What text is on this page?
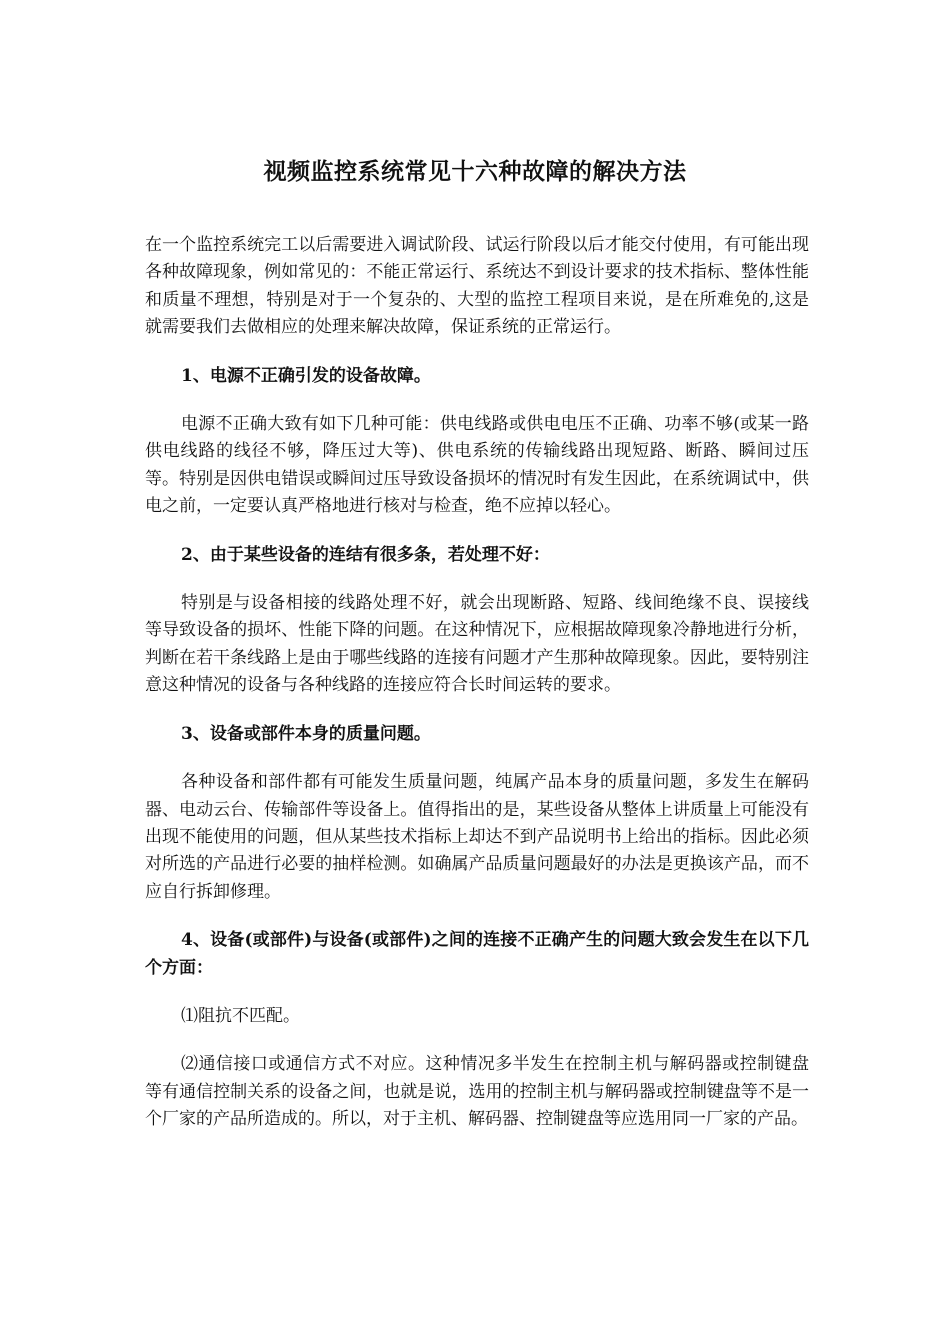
视频监控系统常见十六种故障的解决方法

在一个监控系统完工以后需要进入调试阶段、试运行阶段以后才能交付使用，有可能出现各种故障现象，例如常见的：不能正常运行、系统达不到设计要求的技术指标、整体性能和质量不理想，特别是对于一个复杂的、大型的监控工程项目来说，是在所难免的,这是就需要我们去做相应的处理来解决故障，保证系统的正常运行。

1、电源不正确引发的设备故障。

电源不正确大致有如下几种可能：供电线路或供电电压不正确、功率不够(或某一路供电线路的线径不够，降压过大等)、供电系统的传输线路出现短路、断路、瞬间过压等。特别是因供电错误或瞬间过压导致设备损坏的情况时有发生因此，在系统调试中，供电之前，一定要认真严格地进行核对与检查，绝不应掉以轻心。

2、由于某些设备的连结有很多条，若处理不好：

特别是与设备相接的线路处理不好，就会出现断路、短路、线间绝缘不良、误接线等导致设备的损坏、性能下降的问题。在这种情况下，应根据故障现象冷静地进行分析，判断在若干条线路上是由于哪些线路的连接有问题才产生那种故障现象。因此，要特别注意这种情况的设备与各种线路的连接应符合长时间运转的要求。

3、设备或部件本身的质量问题。

各种设备和部件都有可能发生质量问题，纯属产品本身的质量问题，多发生在解码器、电动云台、传输部件等设备上。值得指出的是，某些设备从整体上讲质量上可能没有出现不能使用的问题，但从某些技术指标上却达不到产品说明书上给出的指标。因此必须对所选的产品进行必要的抽样检测。如确属产品质量问题最好的办法是更换该产品，而不应自行拆卸修理。

4、设备(或部件)与设备(或部件)之间的连接不正确产生的问题大致会发生在以下几个方面：

⑴阻抗不匹配。

⑵通信接口或通信方式不对应。这种情况多半发生在控制主机与解码器或控制键盘等有通信控制关系的设备之间，也就是说，选用的控制主机与解码器或控制键盘等不是一个厂家的产品所造成的。所以，对于主机、解码器、控制键盘等应选用同一厂家的产品。
